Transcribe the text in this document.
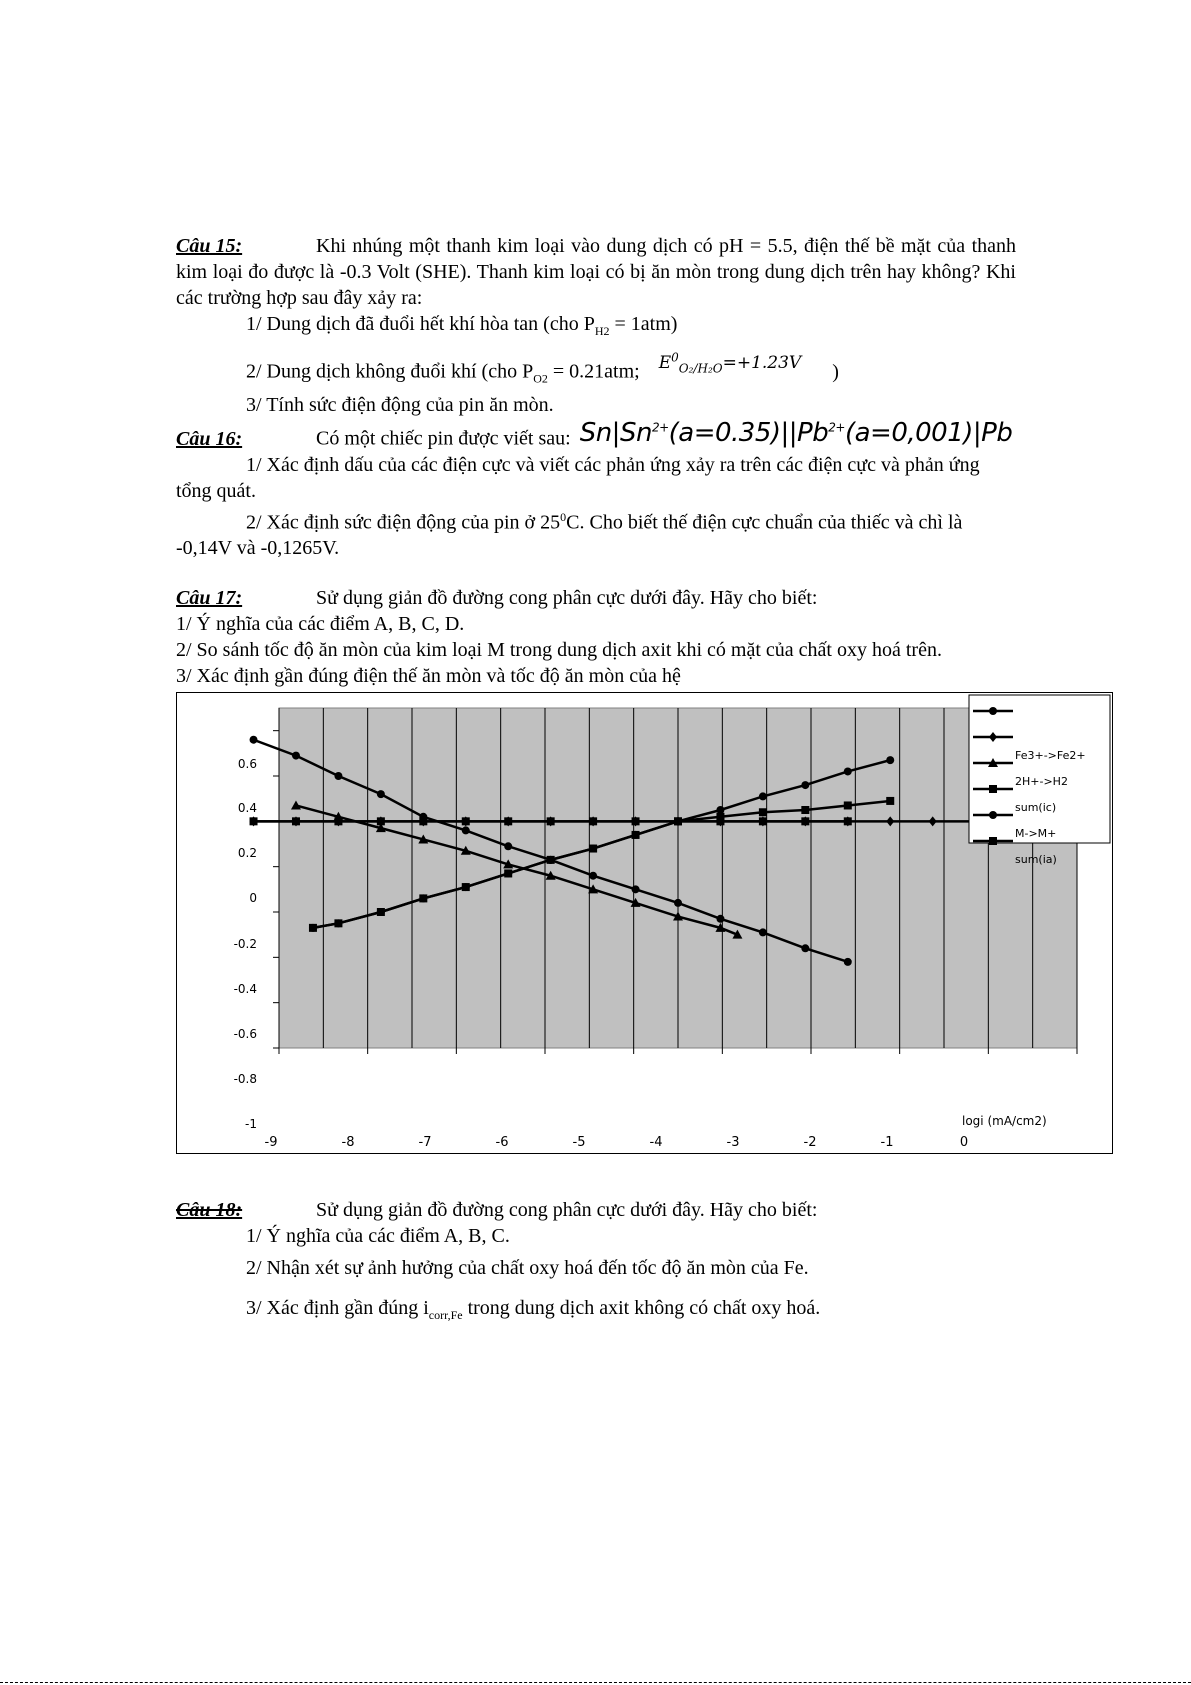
Câu 15:	Khi nhúng một thanh kim loại vào dung dịch có pH = 5.5, điện thế bề mặt của thanh kim loại đo được là -0.3 Volt (SHE). Thanh kim loại có bị ăn mòn trong dung dịch trên hay không? Khi các trường hợp sau đây xảy ra:
1/ Dung dịch đã đuổi hết khí hòa tan (cho $P_{H2} = 1atm$)
2/ Dung dịch không đuổi khí (cho $P_{O2} = 0.21atm$; $^{E^0_{O_2/H_2O}=+1.23V}$ )
3/ Tính sức điện động của pin ăn mòn.
Câu 16:	Có một chiếc pin được viết sau: $Sn|Sn^{2+}(a=0.35)||Pb^{2+}(a=0,001)|Pb$
1/ Xác định dấu của các điện cực và viết các phản ứng xảy ra trên các điện cực và phản ứng tổng quát.
2/ Xác định sức điện động của pin ở $25^0C$. Cho biết thế điện cực chuẩn của thiếc và chì là -0,14V và -0,1265V.
Câu 17:	Sử dụng giản đồ đường cong phân cực dưới đây. Hãy cho biết:
1/ Ý nghĩa của các điểm A, B, C, D.
2/ So sánh tốc độ ăn mòn của kim loại M trong dung dịch axit khi có mặt của chất oxy hoá trên.
3/ Xác định gần đúng điện thế ăn mòn và tốc độ ăn mòn của hệ
0.6
0.4
0.2
0
-0.2
-0.4
-0.6
-0.8
-1
-9	-8	-7	-6	-5	-4	-3	-2	-1	0
logi (mA/cm2)
Fe3+->Fe2+
2H+->H2
sum(ic)
M->M+
sum(ia)
Câu 18:	Sử dụng giản đồ đường cong phân cực dưới đây. Hãy cho biết:
1/ Ý nghĩa của các điểm A, B, C.
2/ Nhận xét sự ảnh hưởng của chất oxy hoá đến tốc độ ăn mòn của Fe.
3/ Xác định gần đúng $i_{corr,Fe}$ trong dung dịch axit không có chất oxy hoá.
